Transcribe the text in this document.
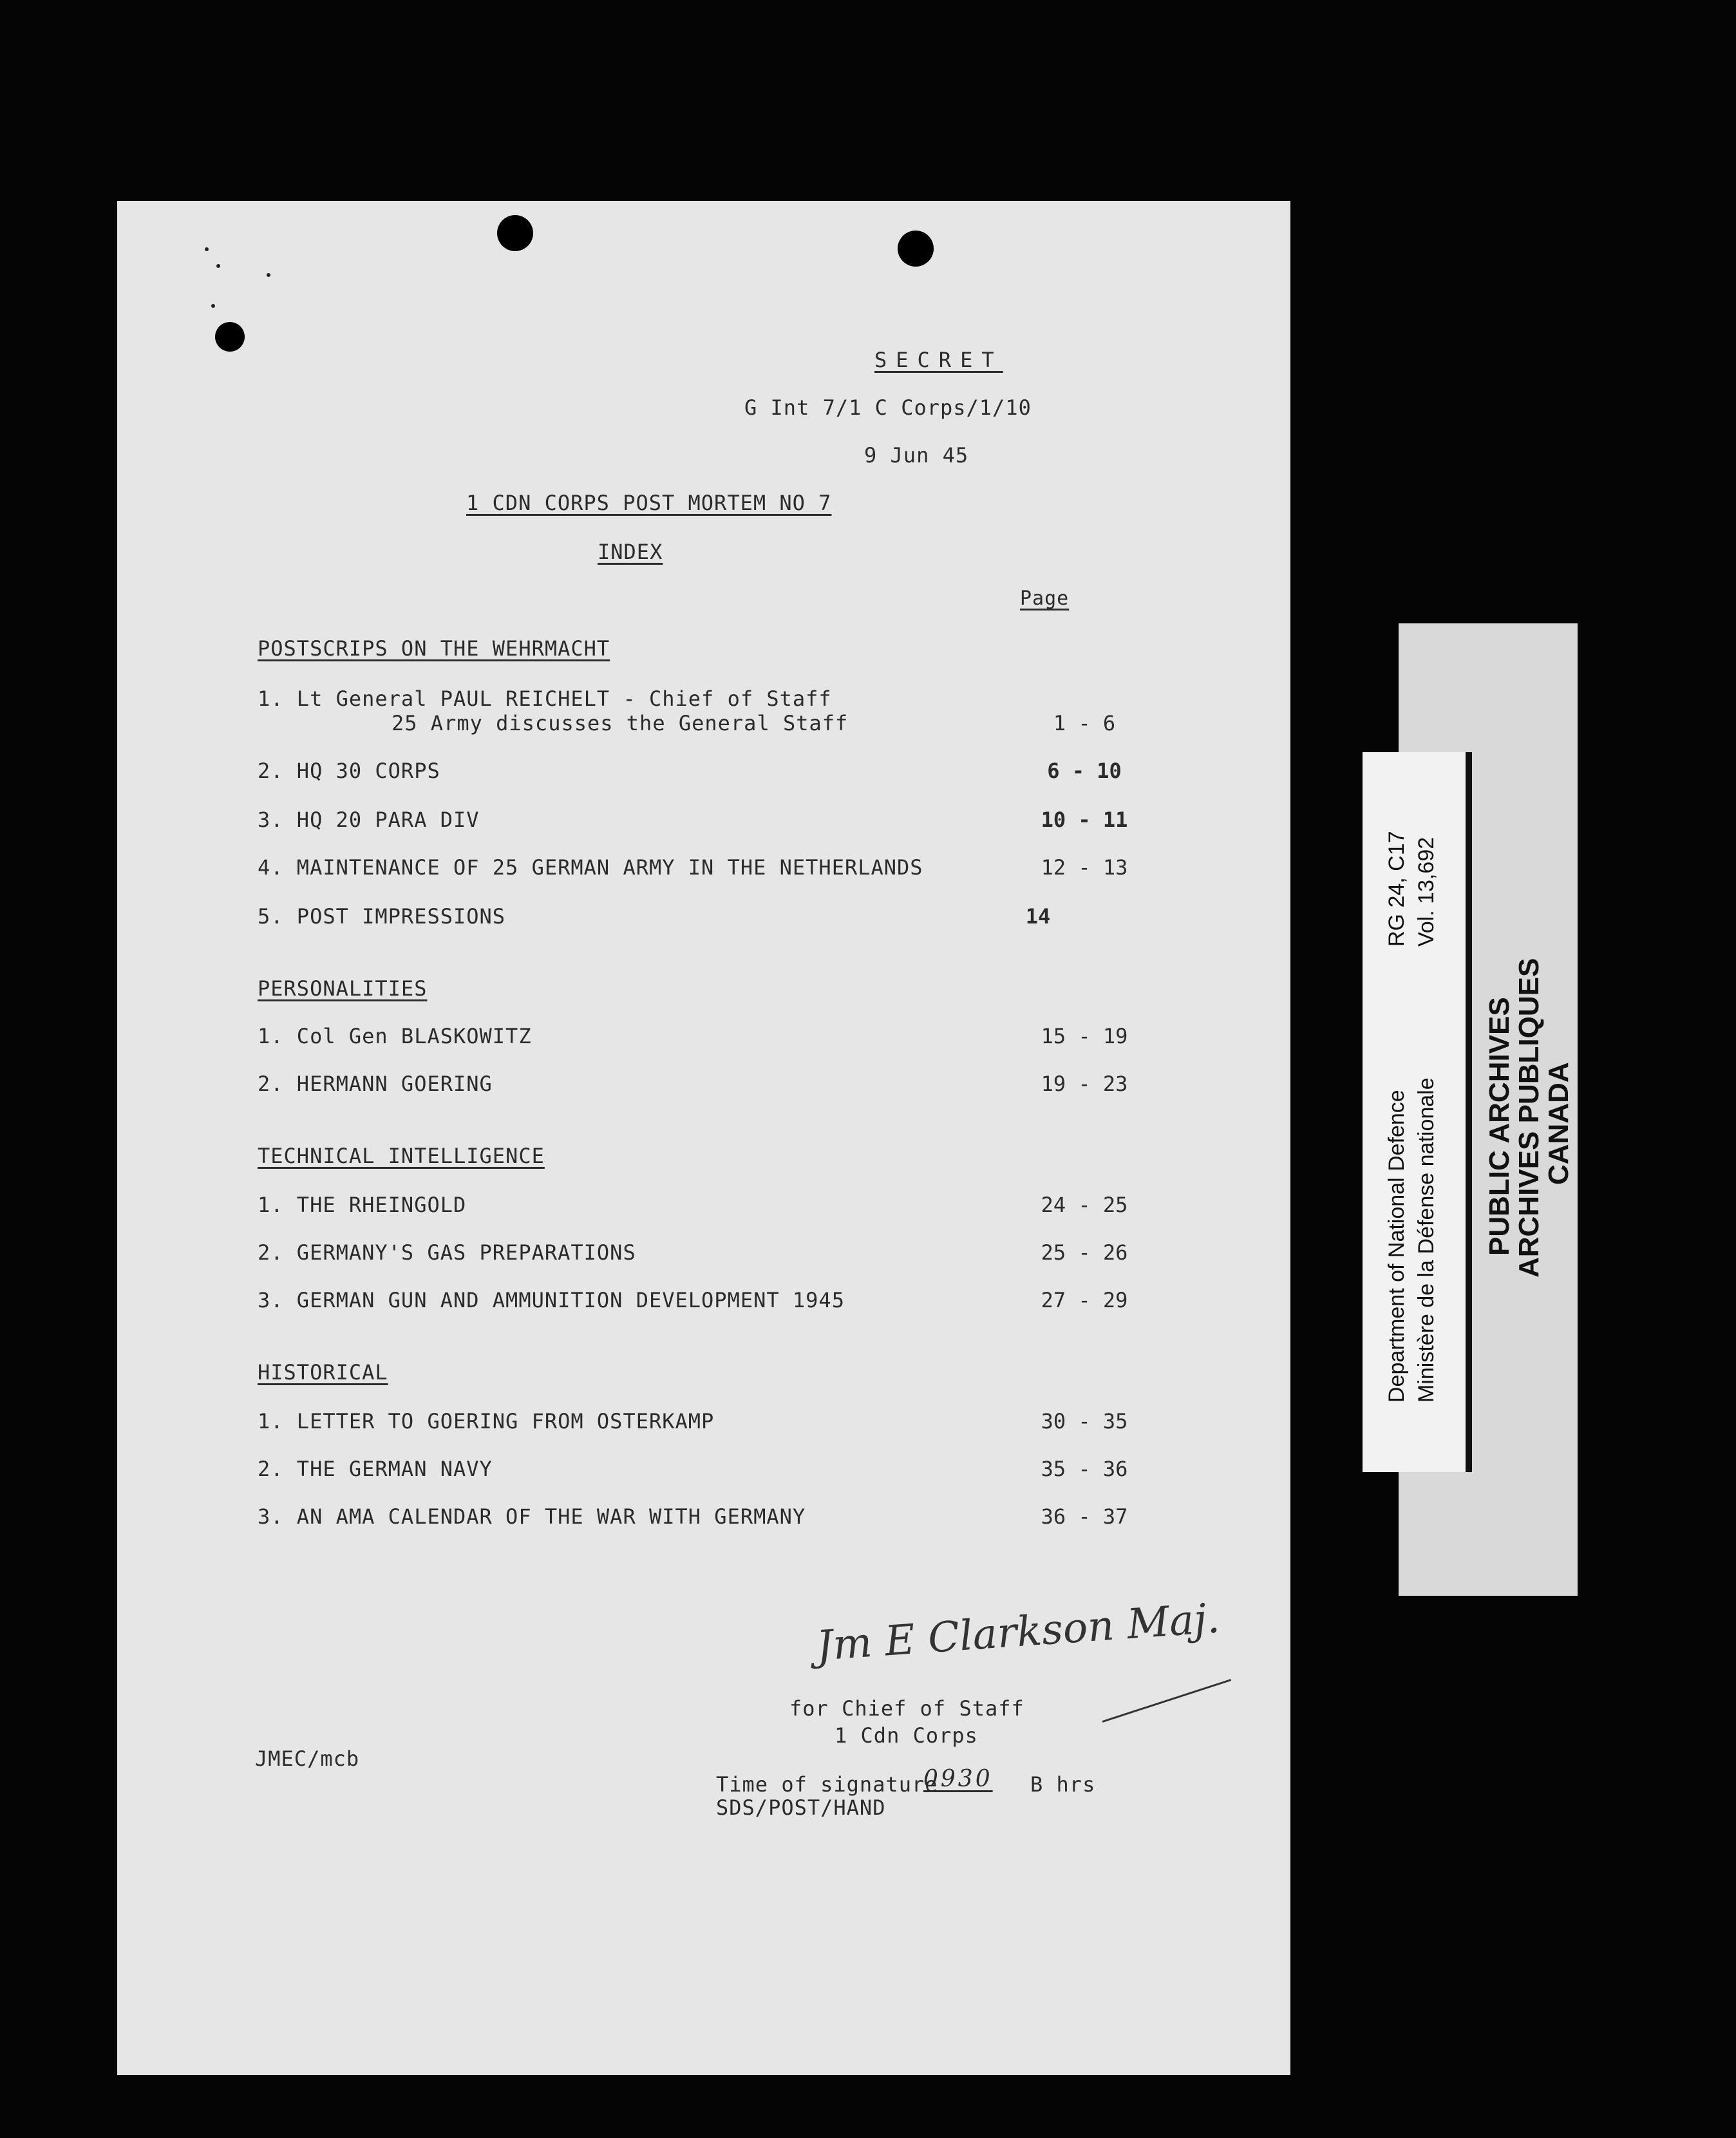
SECRET
G Int 7/1 C Corps/1/10
9 Jun 45
1 CDN CORPS POST MORTEM NO 7
INDEX
Page
POSTSCRIPS ON THE WEHRMACHT
1. Lt General PAUL REICHELT - Chief of Staff
25 Army discusses the General Staff	1 - 6
2. HQ 30 CORPS	6 - 10
3. HQ 20 PARA DIV	10 - 11
4. MAINTENANCE OF 25 GERMAN ARMY IN THE NETHERLANDS	12 - 13
5. POST IMPRESSIONS	14
PERSONALITIES
1. Col Gen BLASKOWITZ	15 - 19
2. HERMANN GOERING	19 - 23
TECHNICAL INTELLIGENCE
1. THE RHEINGOLD	24 - 25
2. GERMANY'S GAS PREPARATIONS	25 - 26
3. GERMAN GUN AND AMMUNITION DEVELOPMENT 1945	27 - 29
HISTORICAL
1. LETTER TO GOERING FROM OSTERKAMP	30 - 35
2. THE GERMAN NAVY	35 - 36
3. AN AMA CALENDAR OF THE WAR WITH GERMANY	36 - 37
Jm E Clarkson Maj.
for Chief of Staff
1 Cdn Corps
JMEC/mcb
Time of signature
0930 B hrs
SDS/POST/HAND
RG 24, C17 Vol. 13,692
Department of National Defence Ministère de la Défense nationale PUBLIC ARCHIVES
ARCHIVES PUBLIQUES
CANADA
